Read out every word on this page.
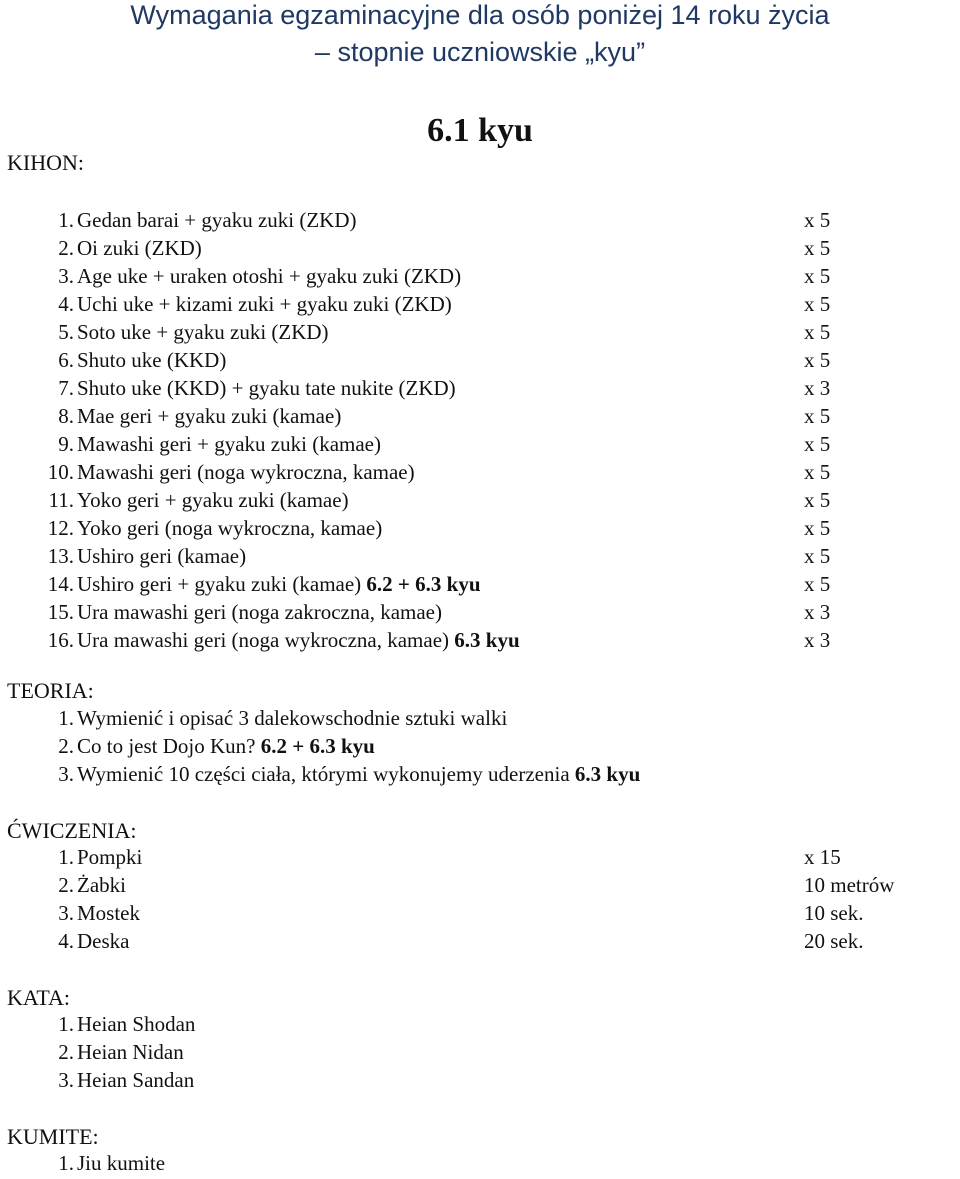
Wymagania egzaminacyjne dla osób poniżej 14 roku życia
– stopnie uczniowskie „kyu”
6.1 kyu
KIHON:
1. Gedan barai + gyaku zuki (ZKD)	x 5
2. Oi zuki (ZKD)	x 5
3. Age uke + uraken otoshi + gyaku zuki (ZKD)	x 5
4. Uchi uke + kizami zuki + gyaku zuki (ZKD)	x 5
5. Soto uke + gyaku zuki (ZKD)	x 5
6. Shuto uke (KKD)	x 5
7. Shuto uke (KKD) + gyaku tate nukite (ZKD)	x 3
8. Mae geri + gyaku zuki (kamae)	x 5
9. Mawashi geri + gyaku zuki (kamae)	x 5
10. Mawashi geri (noga wykroczna, kamae)	x 5
11. Yoko geri + gyaku zuki (kamae)	x 5
12. Yoko geri (noga wykroczna, kamae)	x 5
13. Ushiro geri (kamae)	x 5
14. Ushiro geri + gyaku zuki (kamae) 6.2 + 6.3 kyu	x 5
15. Ura mawashi geri (noga zakroczna, kamae)	x 3
16. Ura mawashi geri (noga wykroczna, kamae) 6.3 kyu	x 3
TEORIA:
1. Wymienić i opisać 3 dalekowschodnie sztuki walki
2. Co to jest Dojo Kun? 6.2 + 6.3 kyu
3. Wymienić 10 części ciała, którymi wykonujemy uderzenia 6.3 kyu
ĆWICZENIA:
1. Pompki	x 15
2. Żabki	10 metrów
3. Mostek	10 sek.
4. Deska	20 sek.
KATA:
1. Heian Shodan
2. Heian Nidan
3. Heian Sandan
KUMITE:
1. Jiu kumite
